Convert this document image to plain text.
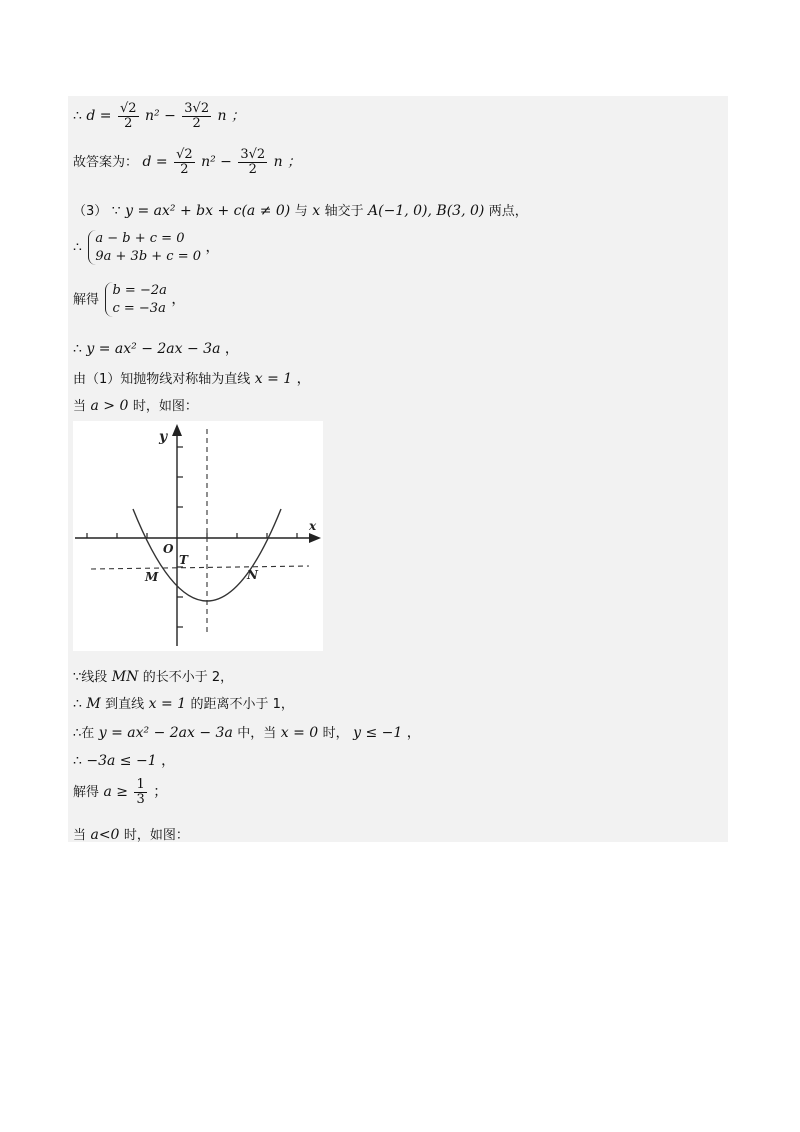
∴ $d = \frac{√2}{2} n^2 - \frac{3√2}{2}$ n ；
故答案为： $d = \frac{√2}{2} n^2 - \frac{3√2}{2}$ n ；
（3） ∵ y = ax² + bx + c(a ≠ 0) 与 x 轴交于 A(−1, 0), B(3, 0) 两点，
∴
a − b + c = 0
9a + 3b + c = 0
，
解得
b = −2a
c = −3a
，
∴ y = ax² − 2ax − 3a ，
由（1）知抛物线对称轴为直线 x = 1 ，
当 a > 0 时，如图：
y
x
O
T
M	N
∵线段 MN 的长不小于 2，
∴ M 到直线 x = 1 的距离不小于 1，
∴在 y = ax² − 2ax − 3a 中，当 x = 0 时， y ≤ −1 ，
∴ −3a ≤ −1 ，
解得 $a \ge \frac{1}{3}$ ；
当 a<0 时，如图：
